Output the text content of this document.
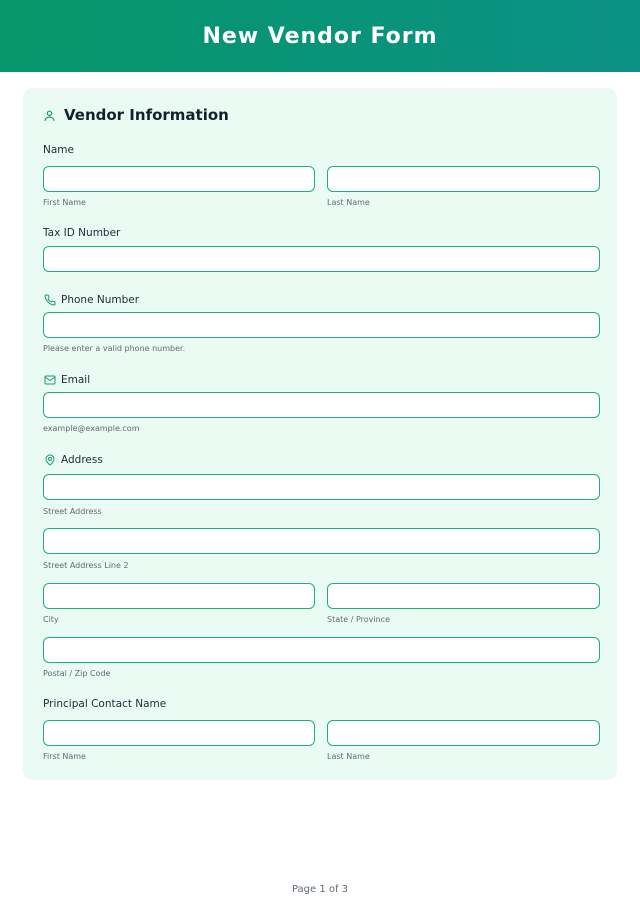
New Vendor Form
Vendor Information
Name
First Name	Last Name
Tax ID Number
Phone Number
Please enter a valid phone number.
Email
example@example.com
Address
Street Address
Street Address Line 2
City	State / Province
Postal / Zip Code
Principal Contact Name
First Name	Last Name
Page 1 of 3
